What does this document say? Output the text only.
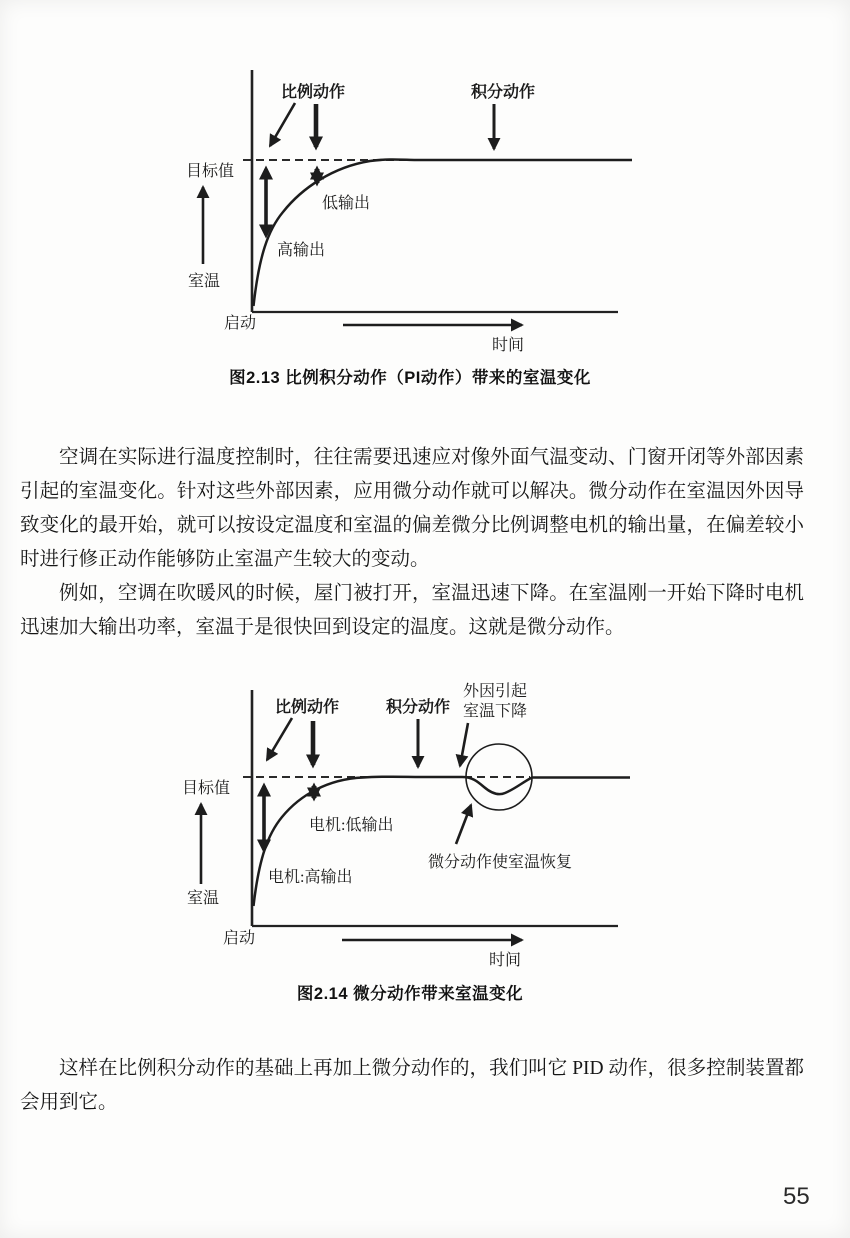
比例动作	积分动作
目标值
低输出
高输出
室温
启动
时间
图2.13 比例积分动作（PI动作）带来的室温变化

空调在实际进行温度控制时，往往需要迅速应对像外面气温变动、门窗开闭等外部因素引起的室温变化。针对这些外部因素，应用微分动作就可以解决。微分动作在室温因外因导致变化的最开始，就可以按设定温度和室温的偏差微分比例调整电机的输出量，在偏差较小时进行修正动作能够防止室温产生较大的变动。

例如，空调在吹暖风的时候，屋门被打开，室温迅速下降。在室温刚一开始下降时电机迅速加大输出功率，室温于是很快回到设定的温度。这就是微分动作。

比例动作	积分动作
外因引起
室温下降
目标值
电机:低输出
电机:高输出
微分动作使室温恢复
室温
启动
时间
图2.14 微分动作带来室温变化

这样在比例积分动作的基础上再加上微分动作的，我们叫它 PID 动作，很多控制装置都会用到它。

55
